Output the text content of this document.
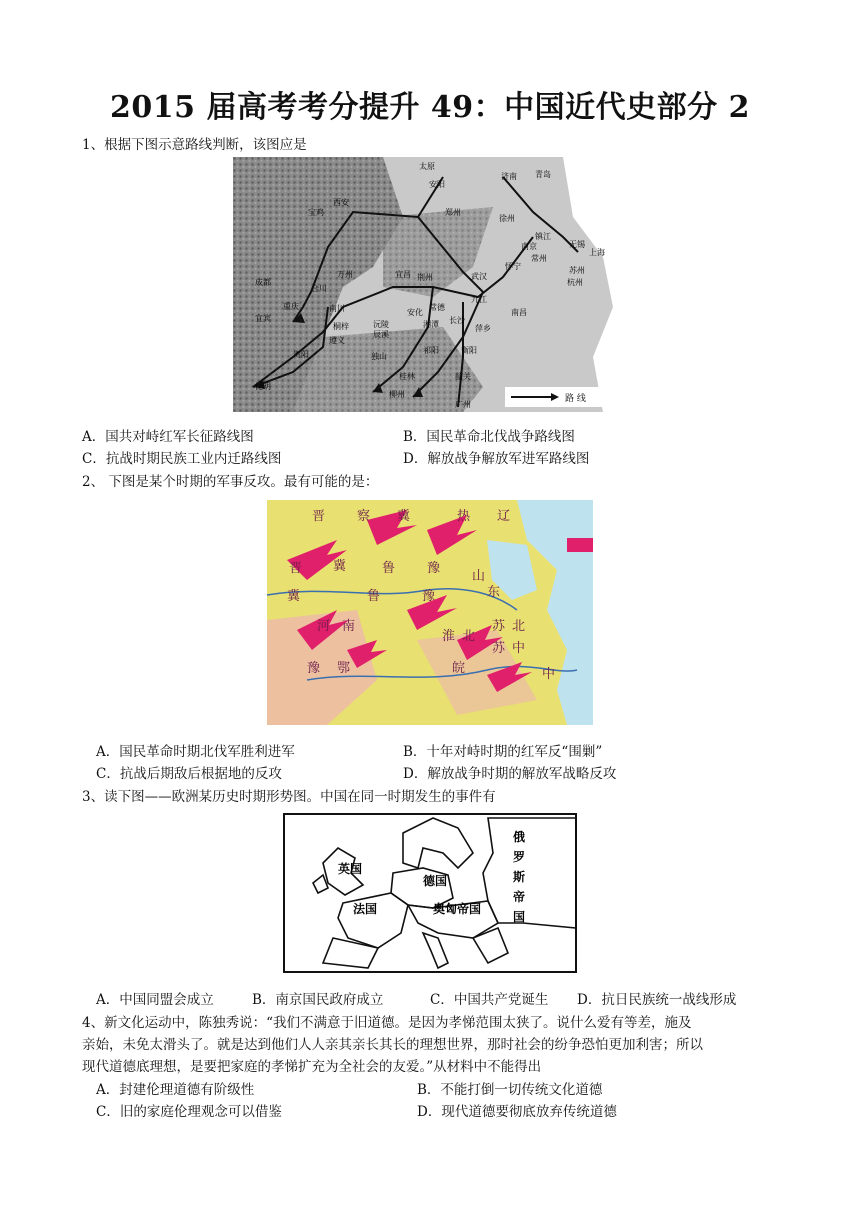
2015 届高考考分提升 49：中国近代史部分 2
1、根据下图示意路线判断，该图应是
太原
安阳
济南 青岛
宝鸡
西安
郑州
徐州
镇江
无锡
南京
常州
上海
苏州
杭州
成都
万州	宜昌 荆州	武汉
怀宁
九江
合川
重庆	南川
宜宾
常德
长沙
南昌
安化
沅陵	湘潭
辰溪
萍乡
桐梓
遵义
祁阳
贵阳	独山
桂林
衡阳
柳州
韶关
昆明
广州
路 线
A．国共对峙红军长征路线图	B．国民革命北伐战争路线图
C．抗战时期民族工业内迁路线图	D．解放战争解放军进军路线图
2、 下图是某个时期的军事反攻。最有可能的是：
晋 察 冀	热 辽
晋 冀	鲁 豫
冀	鲁	豫
山
东
河 南	苏 北
淮 北
苏 中
豫 鄂	皖	中
A．国民革命时期北伐军胜利进军	B．十年对峙时期的红军反“围剿”
C．抗战后期敌后根据地的反攻	D．解放战争时期的解放军战略反攻
3、读下图——欧洲某历史时期形势图。中国在同一时期发生的事件有
英国
德国
法国	奥匈帝国
俄
罗
斯
帝
国
A．中国同盟会成立	B．南京国民政府成立	C．中国共产党诞生 D．抗日民族统一战线形成
4、新文化运动中，陈独秀说：“我们不满意于旧道德。是因为孝悌范围太狭了。说什么爱有等差，施及
亲始，未免太滑头了。就是达到他们人人亲其亲长其长的理想世界，那时社会的纷争恐怕更加利害；所以
现代道德底理想，是要把家庭的孝悌扩充为全社会的友爱。”从材料中不能得出
A．封建伦理道德有阶级性	B．不能打倒一切传统文化道德
C．旧的家庭伦理观念可以借鉴	D．现代道德要彻底放弃传统道德
